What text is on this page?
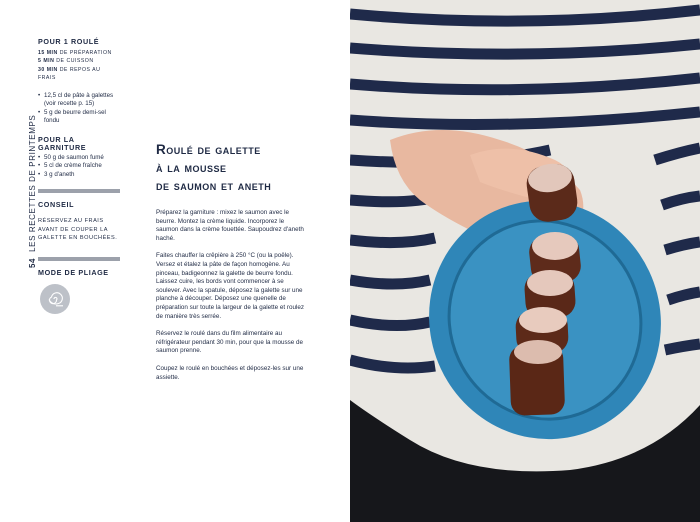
54LES RECETTES DE PRINTEMPS

POUR 1 ROULÉ

15 MIN DE PRÉPARATION
5 MIN DE CUISSON
30 MIN DE REPOS AU FRAIS
• 12,5 cl de pâte à galettes (voir recette p. 15)
• 5 g de beurre demi-sel fondu

POUR LA GARNITURE

• 50 g de saumon fumé
• 5 cl de crème fraîche
• 3 g d'aneth

CONSEIL

RÉSERVEZ AU FRAIS AVANT DE COUPER LA GALETTE EN BOUCHÉES.

MODE DE PLIAGE

Roulé de galette
à la mousse
de saumon et aneth

Préparez la garniture : mixez le saumon avec le beurre. Montez la crème liquide. Incorporez le saumon dans la crème fouettée. Saupoudrez d'aneth haché.

Faites chauffer la crêpière à 250 °C (ou la poêle). Versez et étalez la pâte de façon homogène. Au pinceau, badigeonnez la galette de beurre fondu. Laissez cuire, les bords vont commencer à se soulever. Avec la spatule, déposez la galette sur une planche à découper. Déposez une quenelle de préparation sur toute la largeur de la galette et roulez de manière très serrée.

Réservez le roulé dans du film alimentaire au réfrigérateur pendant 30 min, pour que la mousse de saumon prenne.

Coupez le roulé en bouchées et déposez-les sur une assiette.
